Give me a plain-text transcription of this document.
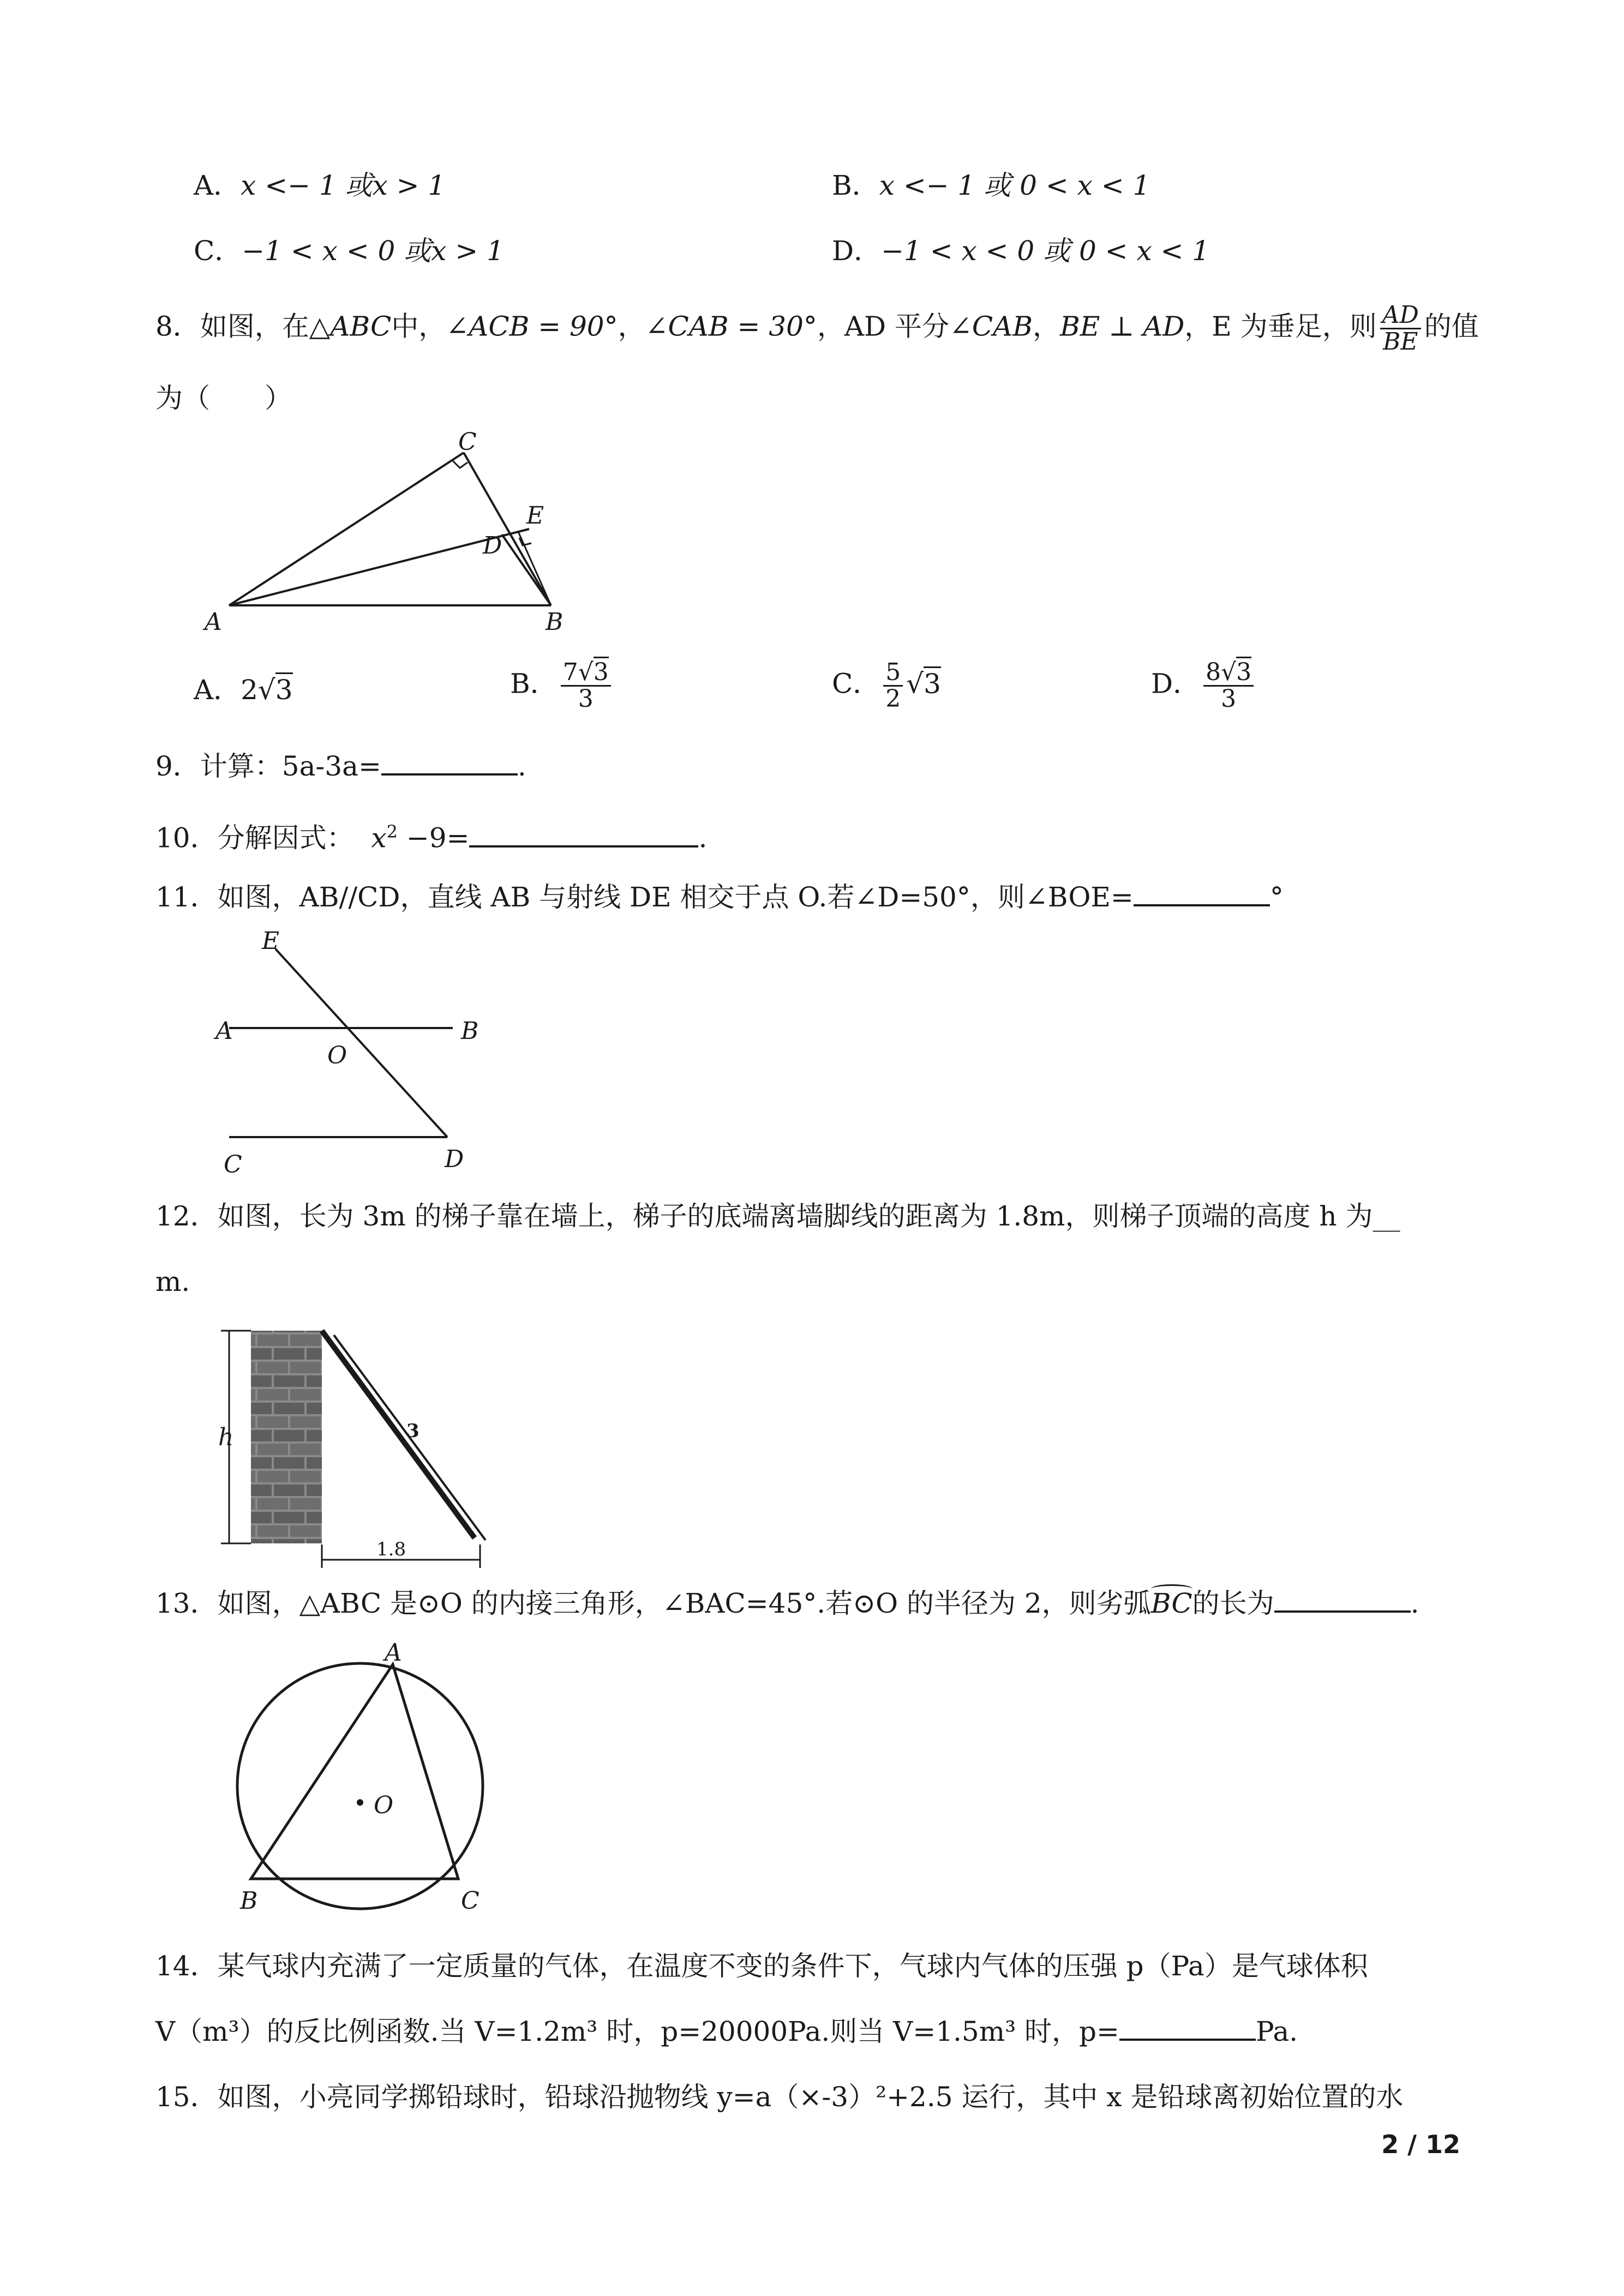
A．x <− 1 或x > 1	B．x <− 1 或 0 < x < 1
C．−1 < x < 0 或x > 1	D．−1 < x < 0 或 0 < x < 1
8．如图，在△ABC中，∠ACB = 90°，∠CAB = 30°，AD 平分∠CAB，BE ⊥ AD，E 为垂足，则 $\frac{AD}{BE}$ 的值
为（　　）
A	B
C
D
E
A．2√3	B． $\frac{7√3}{3}$	C． $\frac{5}{2} √3$	D． $\frac{8√3}{3}$
9．计算：5a-3a=	.
10．分解因式： $x^2 -9=$	.
11．如图，AB//CD，直线 AB 与射线 DE 相交于点 O.若∠D=50°，则∠BOE=	°
E
A
O
B
C	D
12．如图，长为 3m 的梯子靠在墙上，梯子的底端离墙脚线的距离为 1.8m，则梯子顶端的高度 h 为__
m.
h	3
1.8
13．如图，△ABC 是⊙O 的内接三角形，∠BAC=45°.若⊙O 的半径为 2，则劣弧
BC的长为	.
A
B	C
O
14．某气球内充满了一定质量的气体，在温度不变的条件下，气球内气体的压强 p（Pa）是气球体积
V（m³）的反比例函数.当 V=1.2m³ 时，p=20000Pa.则当 V=1.5m³ 时，p=	Pa.
15．如图，小亮同学掷铅球时，铅球沿抛物线 y=a（×-3）²+2.5 运行，其中 x 是铅球离初始位置的水
2 / 12
